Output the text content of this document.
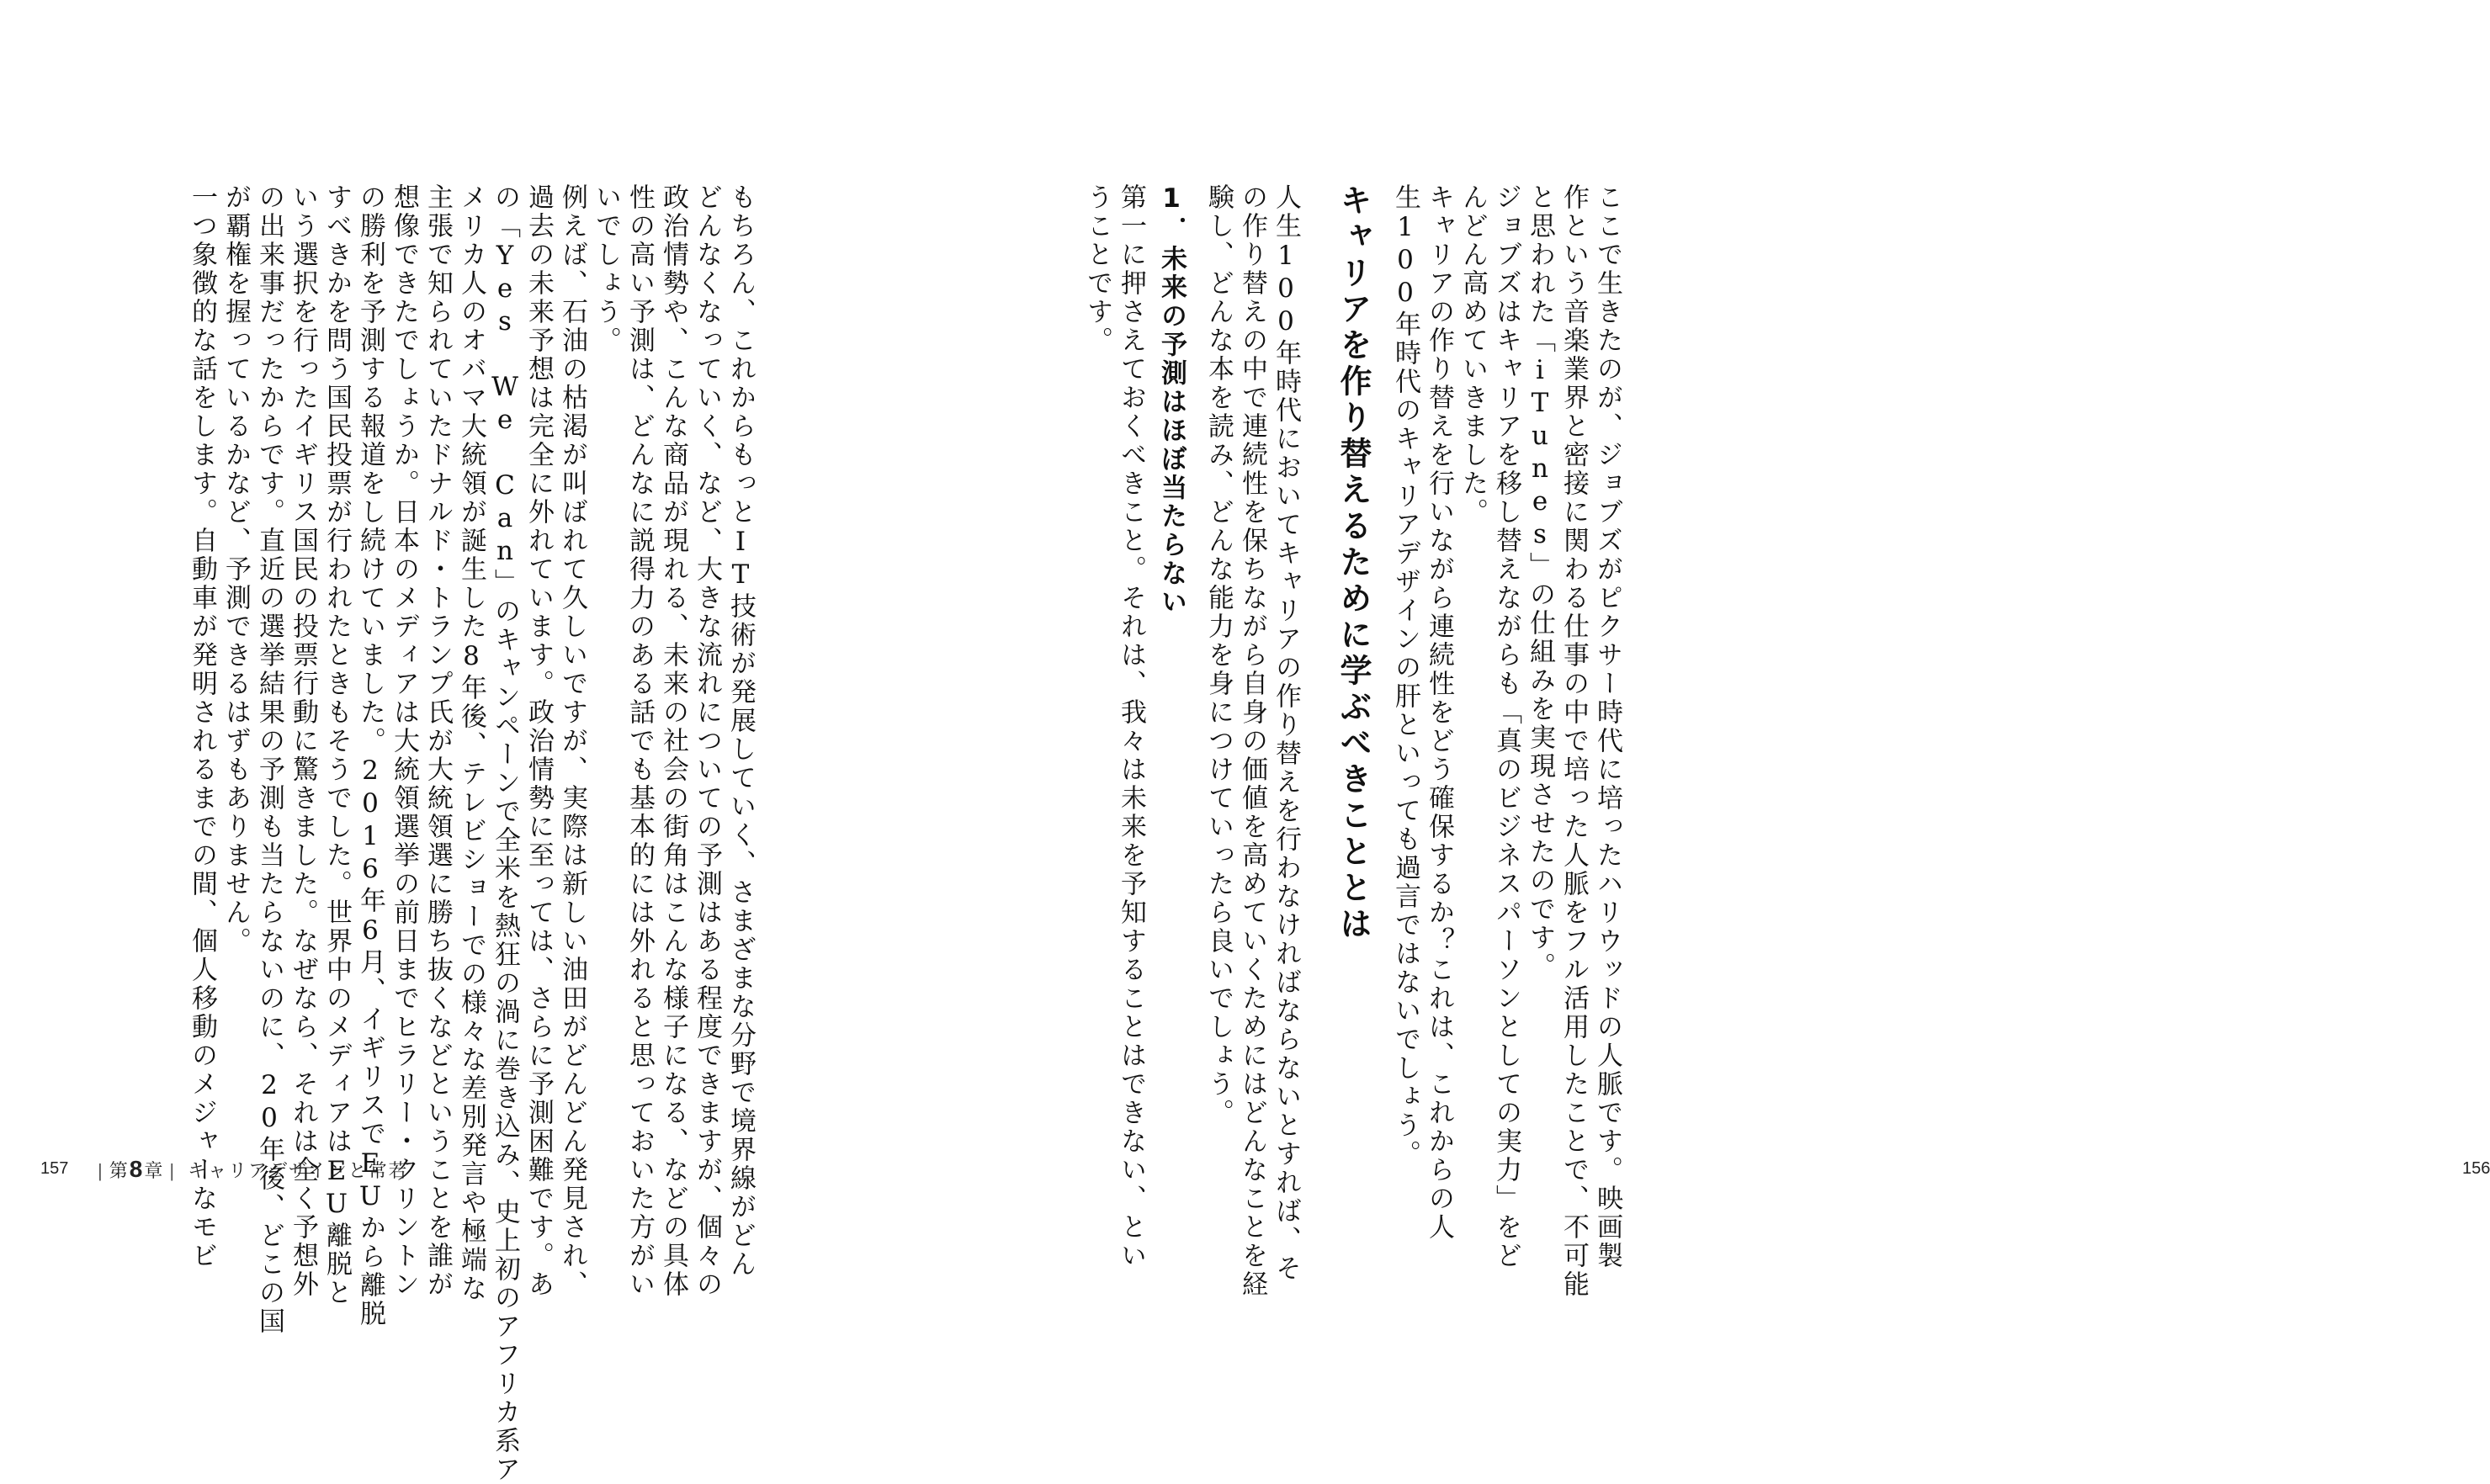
ここで生きたのが、ジョブズがピクサー時代に培ったハリウッドの人脈です。映画製
作という音楽業界と密接に関わる仕事の中で培った人脈をフル活用したことで、不可能
と思われた「iTunes」の仕組みを実現させたのです。
ジョブズはキャリアを移し替えながらも「真のビジネスパーソンとしての実力」をど
んどん高めていきました。
キャリアの作り替えを行いながら連続性をどう確保するか？これは、これからの人
生100年時代のキャリアデザインの肝といっても過言ではないでしょう。
キャリアを作り替えるために学ぶべきこととは
人生100年時代においてキャリアの作り替えを行わなければならないとすれば、そ
の作り替えの中で連続性を保ちながら自身の価値を高めていくためにはどんなことを経
験し、どんな本を読み、どんな能力を身につけていったら良いでしょう。
1．未来の予測はほぼ当たらない
第一に押さえておくべきこと。それは、我々は未来を予知することはできない、とい
うことです。
156
もちろん、これからもっとIT技術が発展していく、さまざまな分野で境界線がどん
どんなくなっていく、など、大きな流れについての予測はある程度できますが、個々の
政治情勢や、こんな商品が現れる、未来の社会の街角はこんな様子になる、などの具体
性の高い予測は、どんなに説得力のある話でも基本的には外れると思っておいた方がい
いでしょう。
例えば、石油の枯渇が叫ばれて久しいですが、実際は新しい油田がどんどん発見され、
過去の未来予想は完全に外れています。政治情勢に至っては、さらに予測困難です。あ
の「Yes We Can」のキャンペーンで全米を熱狂の渦に巻き込み、史上初のアフリカ系ア
メリカ人のオバマ大統領が誕生した8年後、テレビショーでの様々な差別発言や極端な
主張で知られていたドナルド・トランプ氏が大統領選に勝ち抜くなどということを誰が
想像できたでしょうか。日本のメディアは大統領選挙の前日までヒラリー・クリントン
の勝利を予測する報道をし続けていました。2016年6月、イギリスでEUから離脱
すべきかを問う国民投票が行われたときもそうでした。世界中のメディアはEU離脱と
いう選択を行ったイギリス国民の投票行動に驚きました。なぜなら、それは全く予想外
の出来事だったからです。直近の選挙結果の予測も当たらないのに、20年後、どこの国
が覇権を握っているかなど、予測できるはずもありません。
一つ象徴的な話をします。自動車が発明されるまでの間、個人移動のメジャーなモビ
157 | 第8章 | キャリアデザインと常若
